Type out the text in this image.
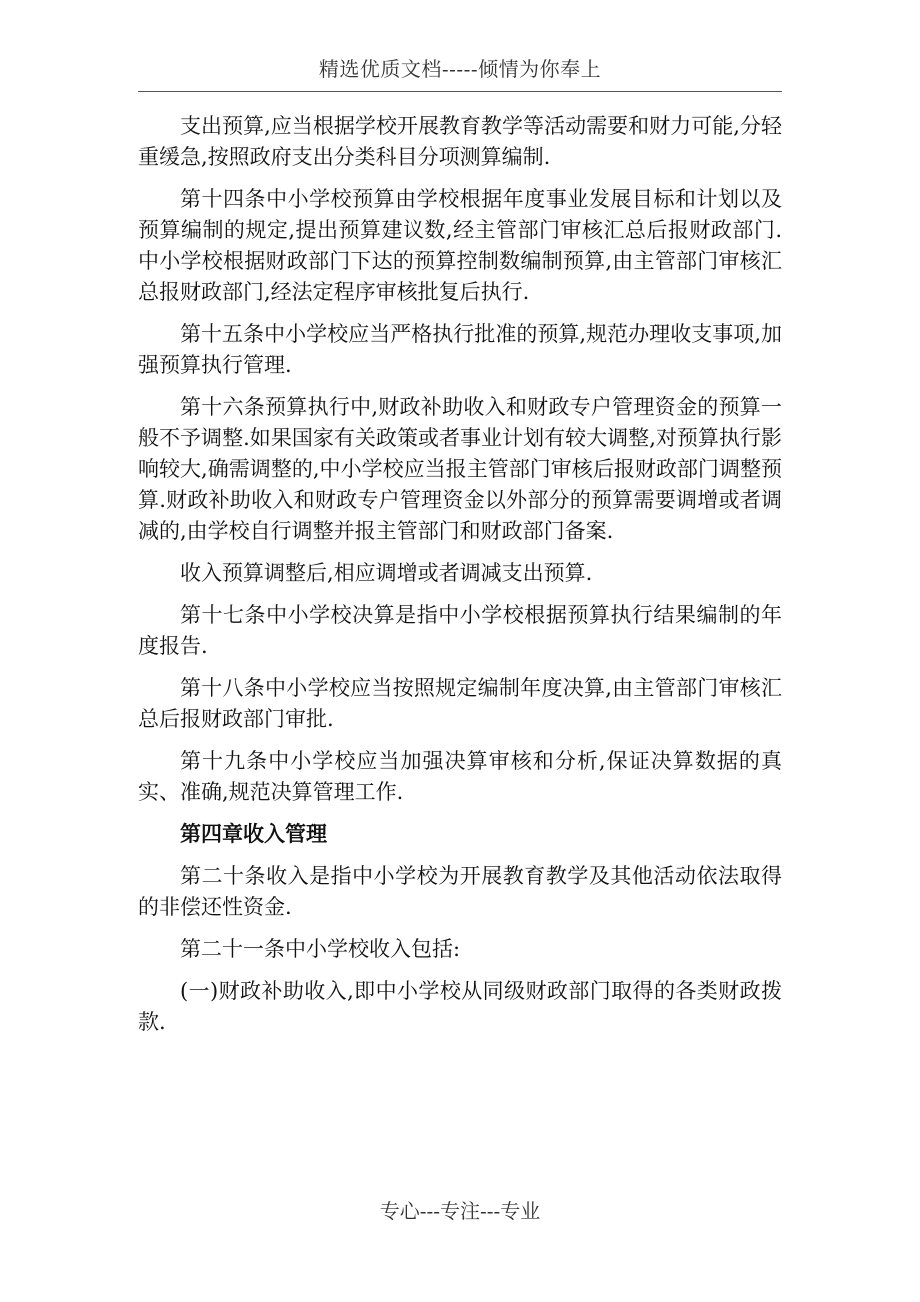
精选优质文档-----倾情为你奉上

支出预算,应当根据学校开展教育教学等活动需要和财力可能,分轻重缓急,按照政府支出分类科目分项测算编制.

第十四条中小学校预算由学校根据年度事业发展目标和计划以及预算编制的规定,提出预算建议数,经主管部门审核汇总后报财政部门.中小学校根据财政部门下达的预算控制数编制预算,由主管部门审核汇总报财政部门,经法定程序审核批复后执行.

第十五条中小学校应当严格执行批准的预算,规范办理收支事项,加强预算执行管理.

第十六条预算执行中,财政补助收入和财政专户管理资金的预算一般不予调整.如果国家有关政策或者事业计划有较大调整,对预算执行影响较大,确需调整的,中小学校应当报主管部门审核后报财政部门调整预算.财政补助收入和财政专户管理资金以外部分的预算需要调增或者调减的,由学校自行调整并报主管部门和财政部门备案.

收入预算调整后,相应调增或者调减支出预算.

第十七条中小学校决算是指中小学校根据预算执行结果编制的年度报告.

第十八条中小学校应当按照规定编制年度决算,由主管部门审核汇总后报财政部门审批.

第十九条中小学校应当加强决算审核和分析,保证决算数据的真实、准确,规范决算管理工作.

第四章收入管理

第二十条收入是指中小学校为开展教育教学及其他活动依法取得的非偿还性资金.

第二十一条中小学校收入包括:

(一)财政补助收入,即中小学校从同级财政部门取得的各类财政拨款.

专心---专注---专业
